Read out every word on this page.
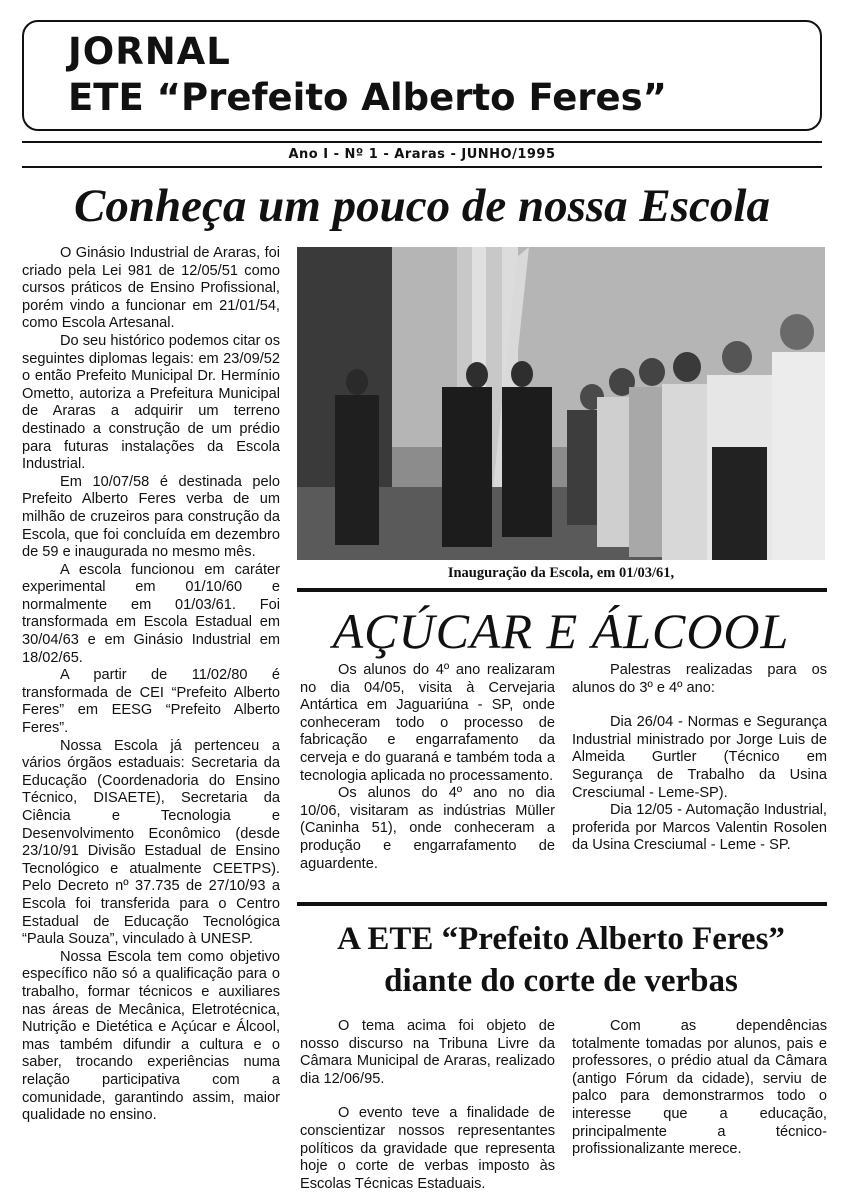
JORNAL
ETE “Prefeito Alberto Feres”
Ano I - Nº 1 - Araras - JUNHO/1995
Conheça um pouco de nossa Escola

O Ginásio Industrial de Araras, foi criado pela Lei 981 de 12/05/51 como cursos práticos de Ensino Profissional, porém vindo a funcionar em 21/01/54, como Escola Artesanal.

Do seu histórico podemos citar os seguintes diplomas legais: em 23/09/52 o então Prefeito Municipal Dr. Hermínio Ometto, autoriza a Prefeitura Municipal de Araras a adquirir um terreno destinado a construção de um prédio para futuras instalações da Escola Industrial.

Em 10/07/58 é destinada pelo Prefeito Alberto Feres verba de um milhão de cruzeiros para construção da Escola, que foi concluída em dezembro de 59 e inaugurada no mesmo mês.

A escola funcionou em caráter experimental em 01/10/60 e normalmente em 01/03/61. Foi transformada em Escola Estadual em 30/04/63 e em Ginásio Industrial em 18/02/65.

A partir de 11/02/80 é transformada de CEI “Prefeito Alberto Feres” em EESG “Prefeito Alberto Feres”.

Nossa Escola já pertenceu a vários órgãos estaduais: Secretaria da Educação (Coordenadoria do Ensino Técnico, DISAETE), Secretaria da Ciência e Tecnologia e Desenvolvimento Econômico (desde 23/10/91 Divisão Estadual de Ensino Tecnológico e atualmente CEETPS). Pelo Decreto nº 37.735 de 27/10/93 a Escola foi transferida para o Centro Estadual de Educação Tecnológica “Paula Souza”, vinculado à UNESP.

Nossa Escola tem como objetivo específico não só a qualificação para o trabalho, formar técnicos e auxiliares nas áreas de Mecânica, Eletrotécnica, Nutrição e Dietética e Açúcar e Álcool, mas também difundir a cultura e o saber, trocando experiências numa relação participativa com a comunidade, garantindo assim, maior qualidade no ensino.

Inauguração da Escola, em 01/03/61,
AÇÚCAR E ÁLCOOL

Os alunos do 4º ano realizaram no dia 04/05, visita à Cervejaria Antártica em Jaguariúna - SP, onde conheceram todo o processo de fabricação e engarrafamento da cerveja e do guaraná e também toda a tecnologia aplicada no processamento.

Os alunos do 4º ano no dia 10/06, visitaram as indústrias Müller (Caninha 51), onde conheceram a produção e engarrafamento de aguardente.

Palestras realizadas para os alunos do 3º e 4º ano:

Dia 26/04 - Normas e Segurança Industrial ministrado por Jorge Luis de Almeida Gurtler (Técnico em Segurança de Trabalho da Usina Cresciumal - Leme-SP).

Dia 12/05 - Automação Industrial, proferida por Marcos Valentin Rosolen da Usina Cresciumal - Leme - SP.

A ETE “Prefeito Alberto Feres”
diante do corte de verbas

O tema acima foi objeto de nosso discurso na Tribuna Livre da Câmara Municipal de Araras, realizado dia 12/06/95.

O evento teve a finalidade de conscientizar nossos representantes políticos da gravidade que representa hoje o corte de verbas imposto às Escolas Técnicas Estaduais.

Com as dependências totalmente tomadas por alunos, pais e professores, o prédio atual da Câmara (antigo Fórum da cidade), serviu de palco para demonstrarmos todo o interesse que a educação, principalmente a técnico-profissionalizante merece.
